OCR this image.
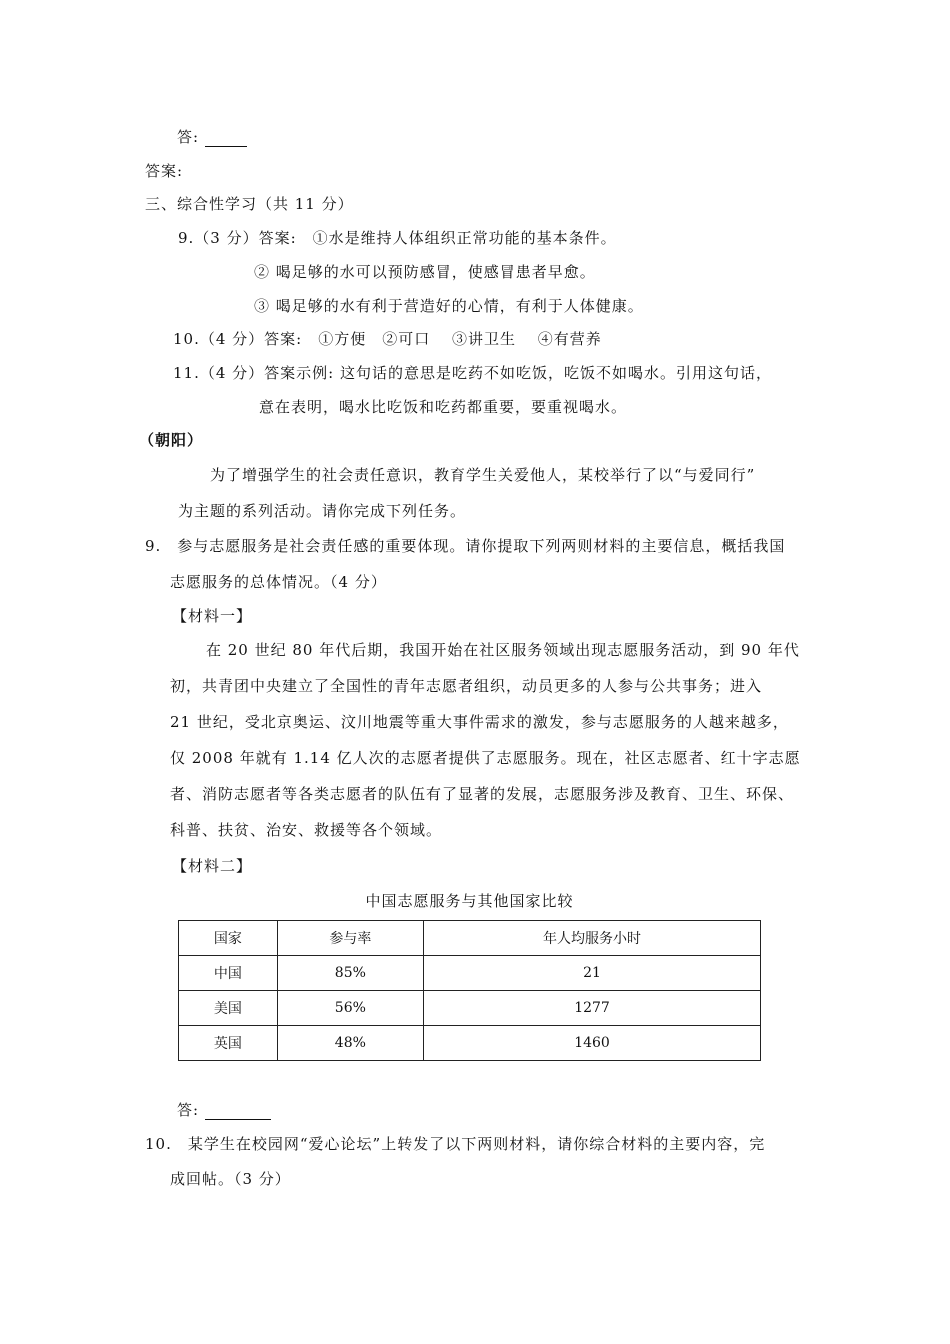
答:
答案:
三、综合性学习（共 11 分）
9.（3 分）答案:　①水是维持人体组织正常功能的基本条件。
② 喝足够的水可以预防感冒，使感冒患者早愈。
③ 喝足够的水有利于营造好的心情，有利于人体健康。
10.（4 分）答案:　①方便　②可口　 ③讲卫生　 ④有营养
11.（4 分）答案示例: 这句话的意思是吃药不如吃饭，吃饭不如喝水。引用这句话，
意在表明，喝水比吃饭和吃药都重要，要重视喝水。
（朝阳）
为了增强学生的社会责任意识，教育学生关爱他人，某校举行了以“与爱同行”
为主题的系列活动。请你完成下列任务。
9.　参与志愿服务是社会责任感的重要体现。请你提取下列两则材料的主要信息，概括我国
志愿服务的总体情况。（4 分）
【材料一】
在 20 世纪 80 年代后期，我国开始在社区服务领域出现志愿服务活动，到 90 年代
初，共青团中央建立了全国性的青年志愿者组织，动员更多的人参与公共事务；进入
21 世纪，受北京奥运、汶川地震等重大事件需求的激发，参与志愿服务的人越来越多，
仅 2008 年就有 1.14 亿人次的志愿者提供了志愿服务。现在，社区志愿者、红十字志愿
者、消防志愿者等各类志愿者的队伍有了显著的发展，志愿服务涉及教育、卫生、环保、
科普、扶贫、治安、救援等各个领域。
【材料二】
中国志愿服务与其他国家比较
国家	参与率	年人均服务小时
中国	85%	21
美国	56%	1277
英国	48%	1460
答:
10.　某学生在校园网“爱心论坛”上转发了以下两则材料，请你综合材料的主要内容，完
成回帖。（3 分）
